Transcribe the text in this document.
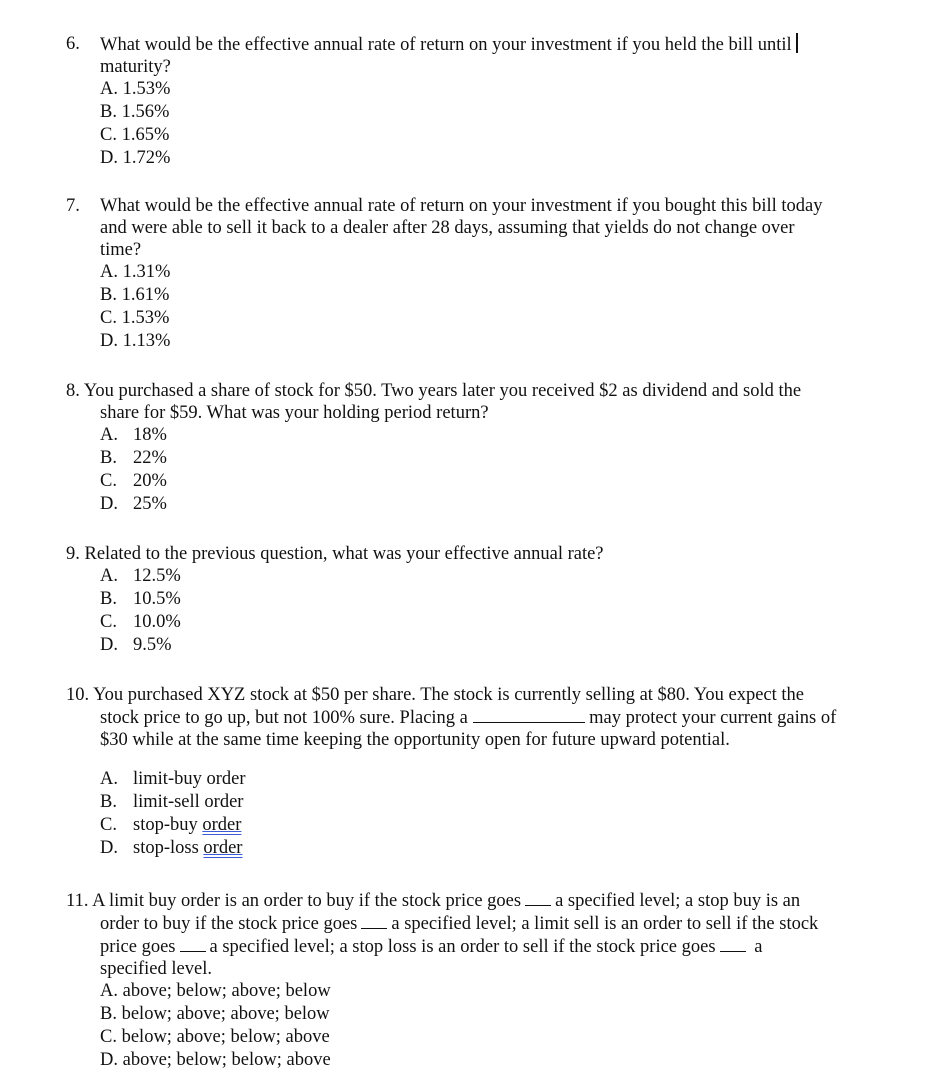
6. What would be the effective annual rate of return on your investment if you held the bill until
maturity?
A. 1.53%
B. 1.56%
C. 1.65%
D. 1.72%
7. What would be the effective annual rate of return on your investment if you bought this bill today
and were able to sell it back to a dealer after 28 days, assuming that yields do not change over
time?
A. 1.31%
B. 1.61%
C. 1.53%
D. 1.13%
8. You purchased a share of stock for $50. Two years later you received $2 as dividend and sold the
share for $59. What was your holding period return?
A. 18%
B. 22%
C. 20%
D. 25%
9. Related to the previous question, what was your effective annual rate?
A. 12.5%
B. 10.5%
C. 10.0%
D. 9.5%
10. You purchased XYZ stock at $50 per share. The stock is currently selling at $80. You expect the
stock price to go up, but not 100% sure. Placing a	may protect your current gains of
$30 while at the same time keeping the opportunity open for future upward potential.
A. limit-buy order
B. limit-sell order
C. stop-buy order
D. stop-loss order
11. A limit buy order is an order to buy if the stock price goes a specified level; a stop buy is an
order to buy if the stock price goes a specified level; a limit sell is an order to sell if the stock
price goes a specified level; a stop loss is an order to sell if the stock price goes a
specified level.
A. above; below; above; below
B. below; above; above; below
C. below; above; below; above
D. above; below; below; above
